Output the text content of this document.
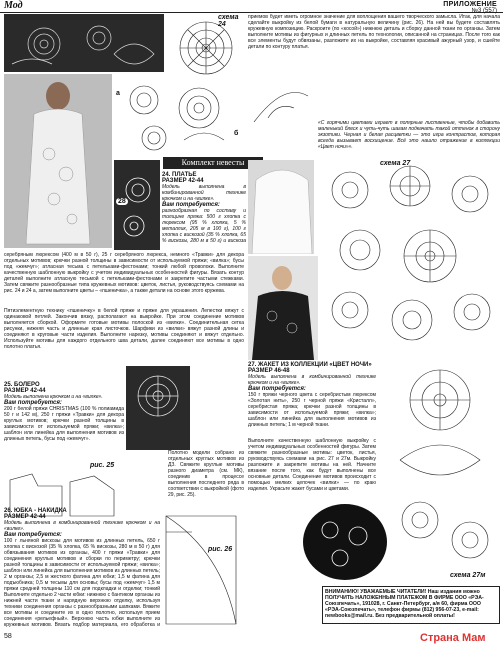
Мод	ПРИЛОЖЕНИЕ
№3 (557)
схема 24
приемов будет иметь огромное значение для воплощения вашего творческого замысла. Итак, для начала сделайте выкройку из белой бумаги в натуральную величину (рис. 26). На ней вы будете составлять кружевную композицию. Раскроите (по «косой») нижнюю деталь и сборку данной ткани по органзы. Затем выполните мотивы из фигурных и длинных петель по технологии, описанной на страницах. После того как все элементы будут обвязаны, разложите их на выкройке, составляя красивый ажурный узор, и сшейте детали по контуру платья.
a
б
«С горячими цветами играет в полярные лиственные, чтобы добавить маленький блеск и чуть-чуть шагам подкачать такой оттенок в сторону экзотики. Черная и белая расцветки — это игра контрастов, которая всегда вызывает восхищение. Всё это нашло отражение в коллекции «Цвет ночи»».
Комплект невесты
24. ПЛАТЬЕ
РАЗМЕР 42-44
Модель выполнена в комбинированной технике крючком и на «вилке».
Вам потребуется:
разнообразная по составу и толщине пряжа: 500 г хлопка с люрексом (95 % хлопка, 5 % металлик, 205 м в 100 г), 100 г хлопка с вискозой (35 % хлопка, 65 % вискозы, 280 м в 50 г) и вискоза
28
серебряным люрексом (400 м в 50 г), 25 г серебряного люрекса, немного «Травки» для декора отдельных мотивов; крючки разной толщины в зависимости от используемой пряжи; «вилка»; бусы под «жемчуг»; атласная тесьма с петельками-фестонами; тонкий любой проволоки. Выполните качественную шаблонную выкройку с учетом индивидуальных особенностей фигуры. Вязать контур деталей выполните атласную тесьмой с петельками-фестонами и закрепите частыми стежками. Затем свяжите разнообразные типа кружевных мотивов: цветок, листья, руководствуясь схемами на рис. 24 и 24 а, затем выполните цветы – «пшеничка», а также детали на основе этого кружева.
Пятиэлементную технику «пшеничку» в белой пряже и пряже для украшения. Лепестки вяжут с одинаковой петлей. Закончив вязку, располагают на выкройке. При этом соединение мотивов выполняется сборкой. Оформите готовые мотивы полоской из «вилки». Соединительная сетка рисунки, нижняя часть и длинные края листочков. Шарфики из «вилки» вяжут разной длины и соединяют в круговые части изделия. Выполните нарезку, мотивы соединяют и вяжут отдельно. Используйте мотивы для каждого отдельного шва детали, далее соединяют все мотивы в одно полотно платья.
схема 27
25. БОЛЕРО
РАЗМЕР 42-44
Модель выполнена крючком и на «вилке».
Вам потребуется:
200 г белой пряжи CHRISTMAS (100 % полиамида 50 г и 142 м), 250 г пряжи «Травки» для декора круглых мотивов; крючки разной толщины в зависимости от используемой пряжи; «вилка»; шаблон или линейка для выполнения мотивов из длинных петель, бусы под «жемчуг».
Полотно модели собрано из отдельных круглых мотивов из ДЗ. Свяжите круглые мотивы разного диаметра (см. МК), соединив в процессе выполнения последнего ряда в соответствии с выкройкой (фото 29, рис. 25).
рис. 25
26. ЮБКА - НАКИДКА
РАЗМЕР 42-44
Модель выполнена в комбинированной технике крючком и на «вилке».
Вам потребуется:
100 г льняной вискозы для мотивов из длинных петель, 650 г хлопка с вискозой (35 % хлопка, 65 % вискозы, 280 м в 50 г) для обвязывания мотивов из органзы, 400 г пряжи «Травки» для соединения круглых мотивов и сборки по периметру; крючки разной толщины в зависимости от используемой пряжи; «вилка»; шаблон или линейка для выполнения мотивов из длинных петель; 2 м органзы; 2,5 м жесткого фатина для юбки; 1,5 м фатина для подъюбника; 0,5 м тесьмы для основы; бусы под «жемчуг» 1,5 м пряжи средней толщины 110 см для подкладки и отделки; тонкий
Выполните отдельно 2 части юбки: нижнюю с бантиком органзы из нижней части ткани и нарядную верхнюю отделку, используя техники соединения органзы с разнообразными шапками. Вяжите все мотивы и соедините их в одно полотно, используя прием соединения «рельефный». Верхнюю часть юбки выполните из кружевных мотивов. Вязать подбор материала, его обработка и
рис. 26
27. ЖАКЕТ ИЗ КОЛЛЕКЦИИ «ЦВЕТ НОЧИ»
РАЗМЕР 46-48
Модель выполнена в комбинированной технике крючком и на «вилке».
Вам потребуется:
150 г пряжи черного цвета с серебристым люрексом «Золотая нить», 250 г черной пряжи «Кристалл», серебристая пряжа; крючки разной толщины в зависимости от используемой пряжи; «вилка»; шаблон или линейка для выполнения мотивов из длинных петель; 1 м черной ткани.
Выполните качественную шаблонную выкройку с учетом индивидуальных особенностей фигуры. Затем свяжите разнообразные мотивы: цветок, листья, руководствуясь схемами на рис. 27 и 27м. Выкройку разложите и закрепите мотивы на ней. Начните вязание после того, как будут выполнены все основные детали. Соединение мотивов происходит с помощью мелких цепочек «вилки» — по краю изделия. Украсьте жакет бусами и цветами.
схема 27м
ВНИМАНИЮ! УВАЖАЕМЫЕ ЧИТАТЕЛИ! Наш издания можно ПОЛУЧИТЬ НАЛОЖЕННЫМ ПЛАТЕЖОМ В ФИРМЕ ООО «РЭА-Союзпечать», 191028, г. Санкт-Петербург, а/я 60, фирма ООО «РЭА-Союзпечать», телефон фирмы (812) 956-07-23, e-mail: newbooks@mail.ru. Без предварительной оплаты!
58	Страна Мам
